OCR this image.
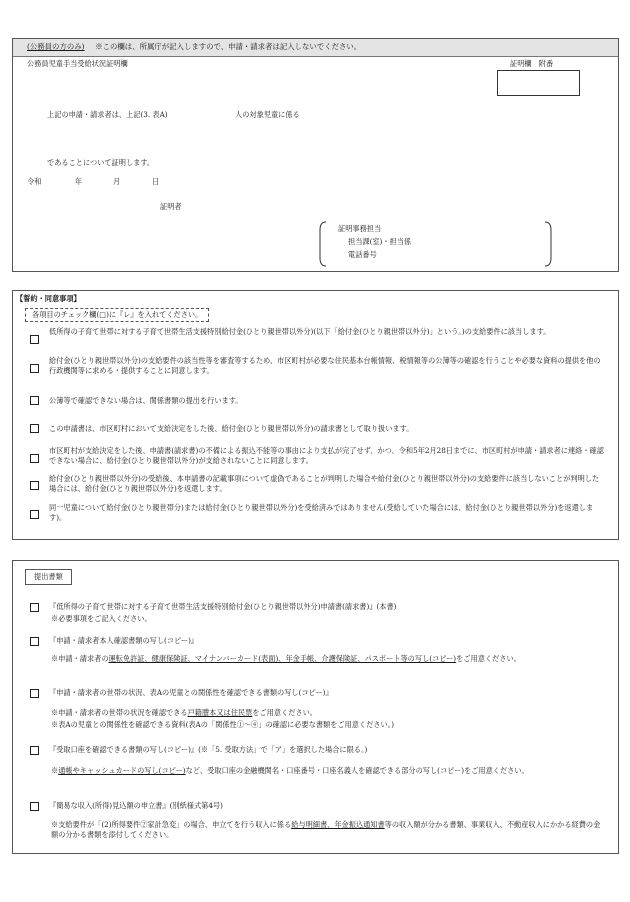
(公務員の方のみ) ※この欄は、所属庁が記入しますので、申請・請求者は記入しないでください。
公務員児童手当受給状況証明欄	証明欄　附番
上記の申請・請求者は、上記(3. 表A)	人の対象児童に係る
であることについて証明します。
令和	年	月	日
証明者
証明事務担当
担当課(室)・担当係
電話番号
【誓約・同意事項】
各項目のチェック欄(□)に『レ』を入れてください。
低所得の子育て世帯に対する子育て世帯生活支援特別給付金(ひとり親世帯以外分)(以下「給付金(ひとり親世帯以外分)」という。)の支給要件に該当します。
給付金(ひとり親世帯以外分)の支給要件の該当性等を審査等するため、市区町村が必要な住民基本台帳情報、税情報等の公簿等の確認を行うことや必要な資料の提供を他の行政機関等に求める・提供することに同意します。
公簿等で確認できない場合は、関係書類の提出を行います。
この申請書は、市区町村において支給決定をした後、給付金(ひとり親世帯以外分)の請求書として取り扱います。
市区町村が支給決定をした後、申請書(請求書)の不備による振込不能等の事由により支払が完了せず、かつ、令和5年2月28日までに、市区町村が申請・請求者に連絡・確認できない場合に、給付金(ひとり親世帯以外分)が支給されないことに同意します。
給付金(ひとり親世帯以外分)の受給後、本申請書の記載事項について虚偽であることが判明した場合や給付金(ひとり親世帯以外分)の支給要件に該当しないことが判明した場合には、給付金(ひとり親世帯以外分)を返還します。
同一児童について給付金(ひとり親世帯分)または給付金(ひとり親世帯以外分)を受給済みではありません(受給していた場合には、給付金(ひとり親世帯以外分)を返還します)。
提出書類
『低所得の子育て世帯に対する子育て世帯生活支援特別給付金(ひとり親世帯以外分)申請書(請求書)』(本書)
※必要事項をご記入ください。
『申請・請求者本人確認書類の写し(コピー)』
※申請・請求者の運転免許証、健康保険証、マイナンバーカード(表面)、年金手帳、介護保険証、パスポート等の写し(コピー)をご用意ください。
『申請・請求者の世帯の状況、表Aの児童との関係性を確認できる書類の写し(コピー)』
※申請・請求者の世帯の状況を確認できる戸籍謄本又は住民票をご用意ください。
※表Aの児童との関係性を確認できる資料(表Aの「関係性①～④」の確認に必要な書類をご用意ください。)
『受取口座を確認できる書類の写し(コピー)』(※「5. 受取方法」で「ア」を選択した場合に限る。)
※通帳やキャッシュカードの写し(コピー)など、受取口座の金融機関名・口座番号・口座名義人を確認できる部分の写し(コピー)をご用意ください。
『簡易な収入(所得)見込額の申立書』(別紙様式第4号)
※支給要件が「(2)所得要件②家計急変」の場合、申立てを行う収入に係る給与明細書、年金振込通知書等の収入額が分かる書類、事業収入、不動産収入にかかる経費の金額の分かる書類を添付してください。
